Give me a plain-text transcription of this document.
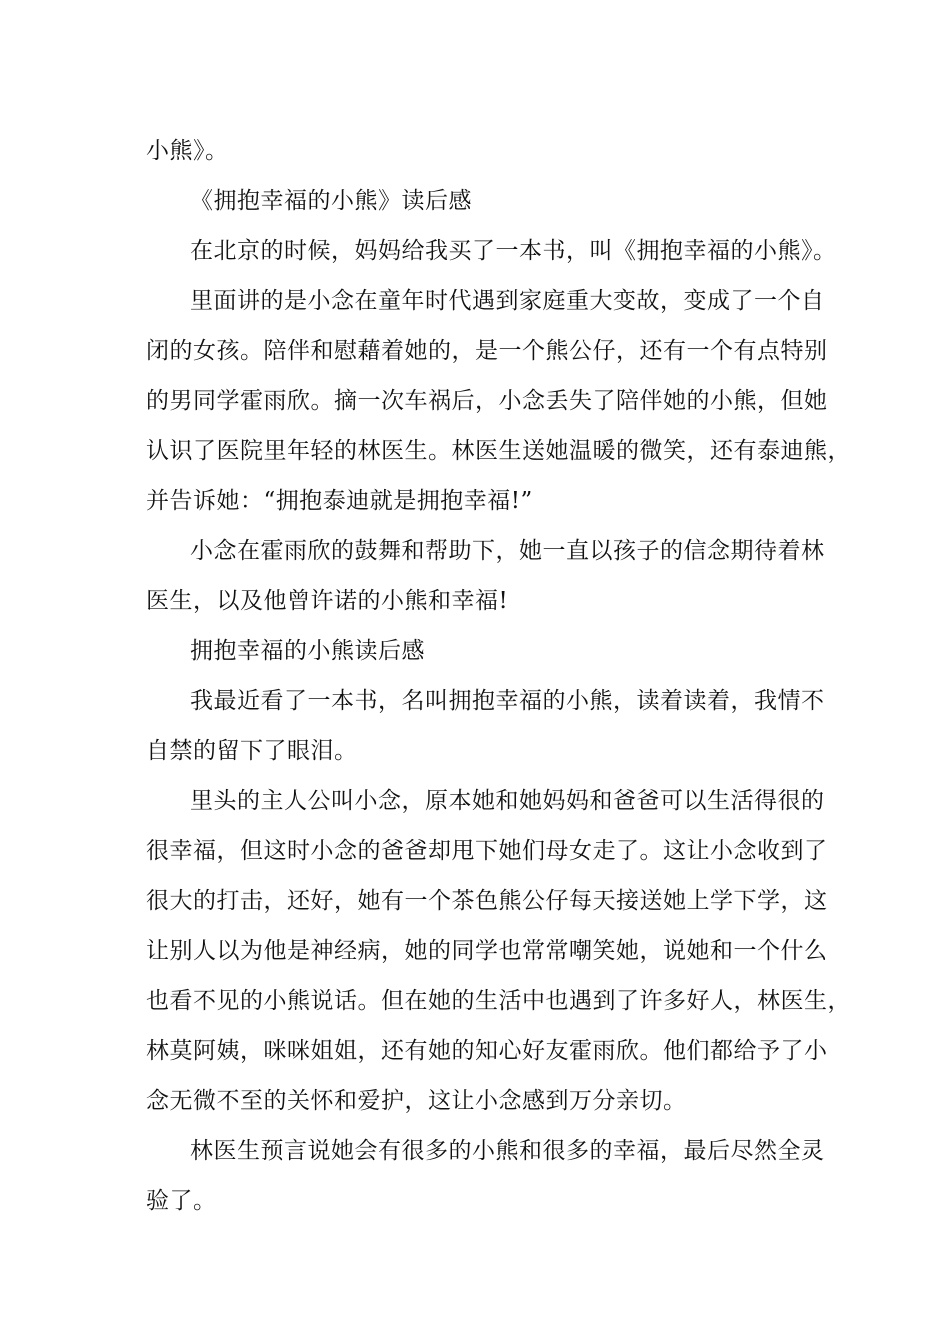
小熊》。

《拥抱幸福的小熊》读后感

在北京的时候，妈妈给我买了一本书，叫《拥抱幸福的小熊》。

里面讲的是小念在童年时代遇到家庭重大变故，变成了一个自

闭的女孩。陪伴和慰藉着她的，是一个熊公仔，还有一个有点特别

的男同学霍雨欣。摘一次车祸后，小念丢失了陪伴她的小熊，但她

认识了医院里年轻的林医生。林医生送她温暖的微笑，还有泰迪熊，

并告诉她：“拥抱泰迪就是拥抱幸福!”

小念在霍雨欣的鼓舞和帮助下，她一直以孩子的信念期待着林

医生，以及他曾许诺的小熊和幸福!

拥抱幸福的小熊读后感

我最近看了一本书，名叫拥抱幸福的小熊，读着读着，我情不

自禁的留下了眼泪。

里头的主人公叫小念，原本她和她妈妈和爸爸可以生活得很的

很幸福，但这时小念的爸爸却甩下她们母女走了。这让小念收到了

很大的打击，还好，她有一个茶色熊公仔每天接送她上学下学，这

让别人以为他是神经病，她的同学也常常嘲笑她，说她和一个什么

也看不见的小熊说话。但在她的生活中也遇到了许多好人，林医生，

林莫阿姨，咪咪姐姐，还有她的知心好友霍雨欣。他们都给予了小

念无微不至的关怀和爱护，这让小念感到万分亲切。

林医生预言说她会有很多的小熊和很多的幸福，最后尽然全灵

验了。
